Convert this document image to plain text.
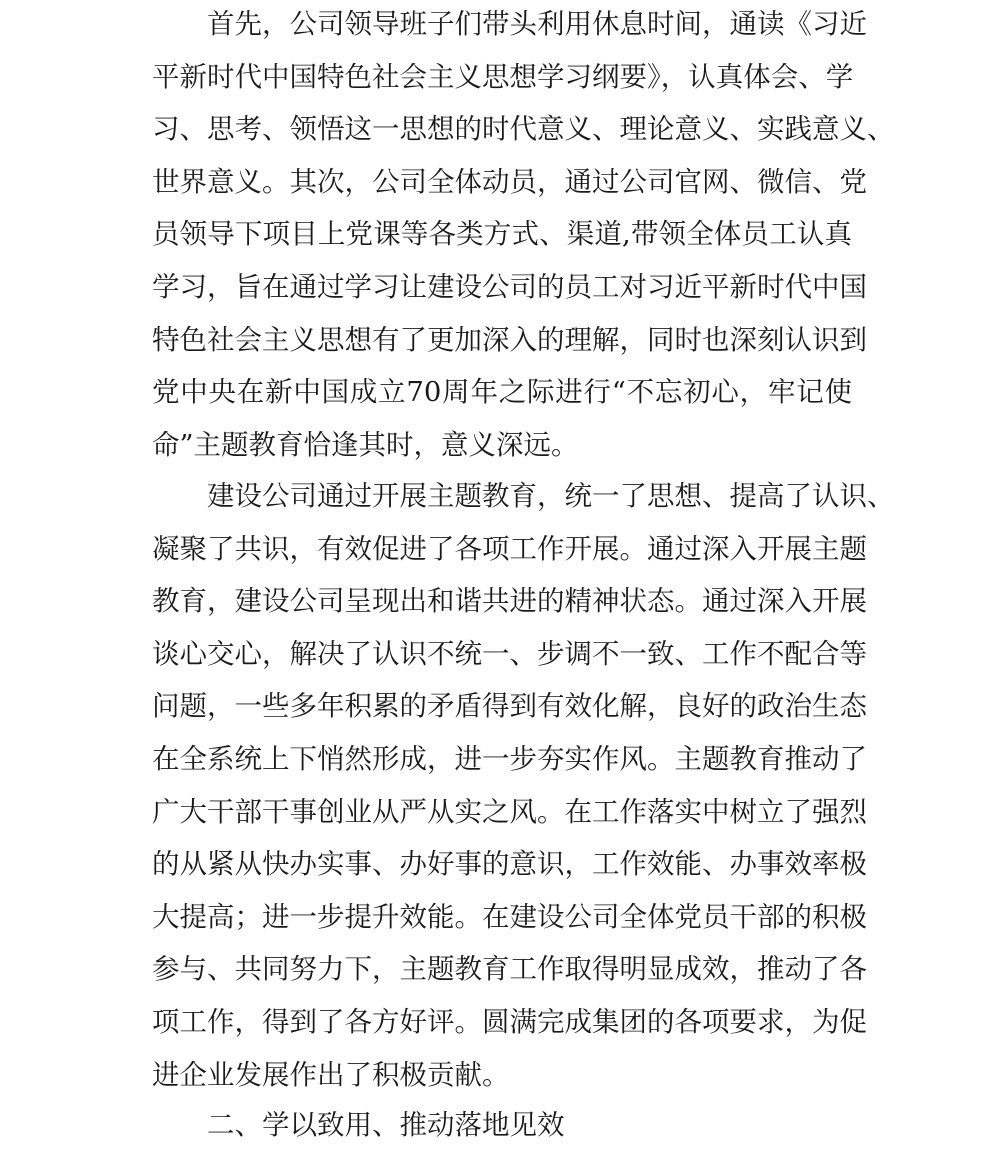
首先，公司领导班子们带头利用休息时间，通读《习近
平新时代中国特色社会主义思想学习纲要》，认真体会、学
习、思考、领悟这一思想的时代意义、理论意义、实践意义、
世界意义。其次，公司全体动员，通过公司官网、微信、党
员领导下项目上党课等各类方式、渠道,带领全体员工认真
学习，旨在通过学习让建设公司的员工对习近平新时代中国
特色社会主义思想有了更加深入的理解，同时也深刻认识到
党中央在新中国成立70周年之际进行“不忘初心，牢记使
命”主题教育恰逢其时，意义深远。
建设公司通过开展主题教育，统一了思想、提高了认识、
凝聚了共识，有效促进了各项工作开展。通过深入开展主题
教育，建设公司呈现出和谐共进的精神状态。通过深入开展
谈心交心，解决了认识不统一、步调不一致、工作不配合等
问题，一些多年积累的矛盾得到有效化解，良好的政治生态
在全系统上下悄然形成，进一步夯实作风。主题教育推动了
广大干部干事创业从严从实之风。在工作落实中树立了强烈
的从紧从快办实事、办好事的意识，工作效能、办事效率极
大提高；进一步提升效能。在建设公司全体党员干部的积极
参与、共同努力下，主题教育工作取得明显成效，推动了各
项工作，得到了各方好评。圆满完成集团的各项要求，为促
进企业发展作出了积极贡献。
二、学以致用、推动落地见效
